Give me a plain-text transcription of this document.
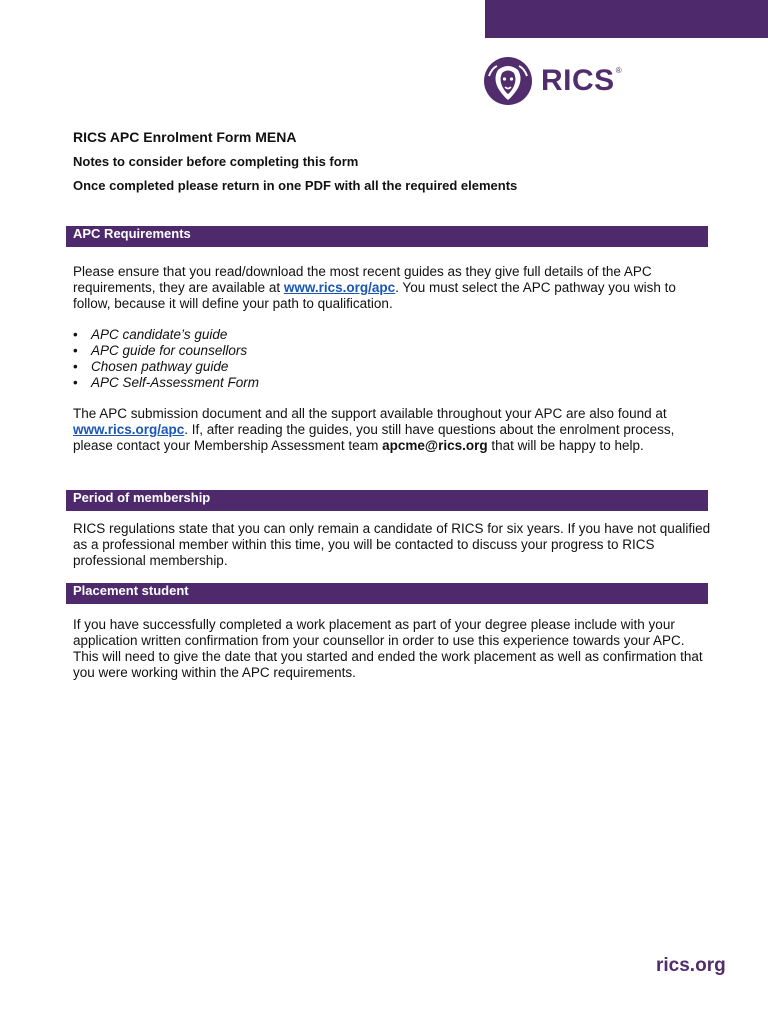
RICS ®
RICS APC Enrolment Form MENA

Notes to consider before completing this form

Once completed please return in one PDF with all the required elements

APC Requirements

Please ensure that you read/download the most recent guides as they give full details of the APC requirements, they are available at www.rics.org/apc. You must select the APC pathway you wish to follow, because it will define your path to qualification.

• APC candidate’s guide
• APC guide for counsellors
• Chosen pathway guide
• APC Self-Assessment Form

The APC submission document and all the support available throughout your APC are also found at www.rics.org/apc. If, after reading the guides, you still have questions about the enrolment process, please contact your Membership Assessment team apcme@rics.org that will be happy to help.

Period of membership

RICS regulations state that you can only remain a candidate of RICS for six years. If you have not qualified as a professional member within this time, you will be contacted to discuss your progress to RICS professional membership.

Placement student

If you have successfully completed a work placement as part of your degree please include with your application written confirmation from your counsellor in order to use this experience towards your APC. This will need to give the date that you started and ended the work placement as well as confirmation that you were working within the APC requirements.

rics.org
